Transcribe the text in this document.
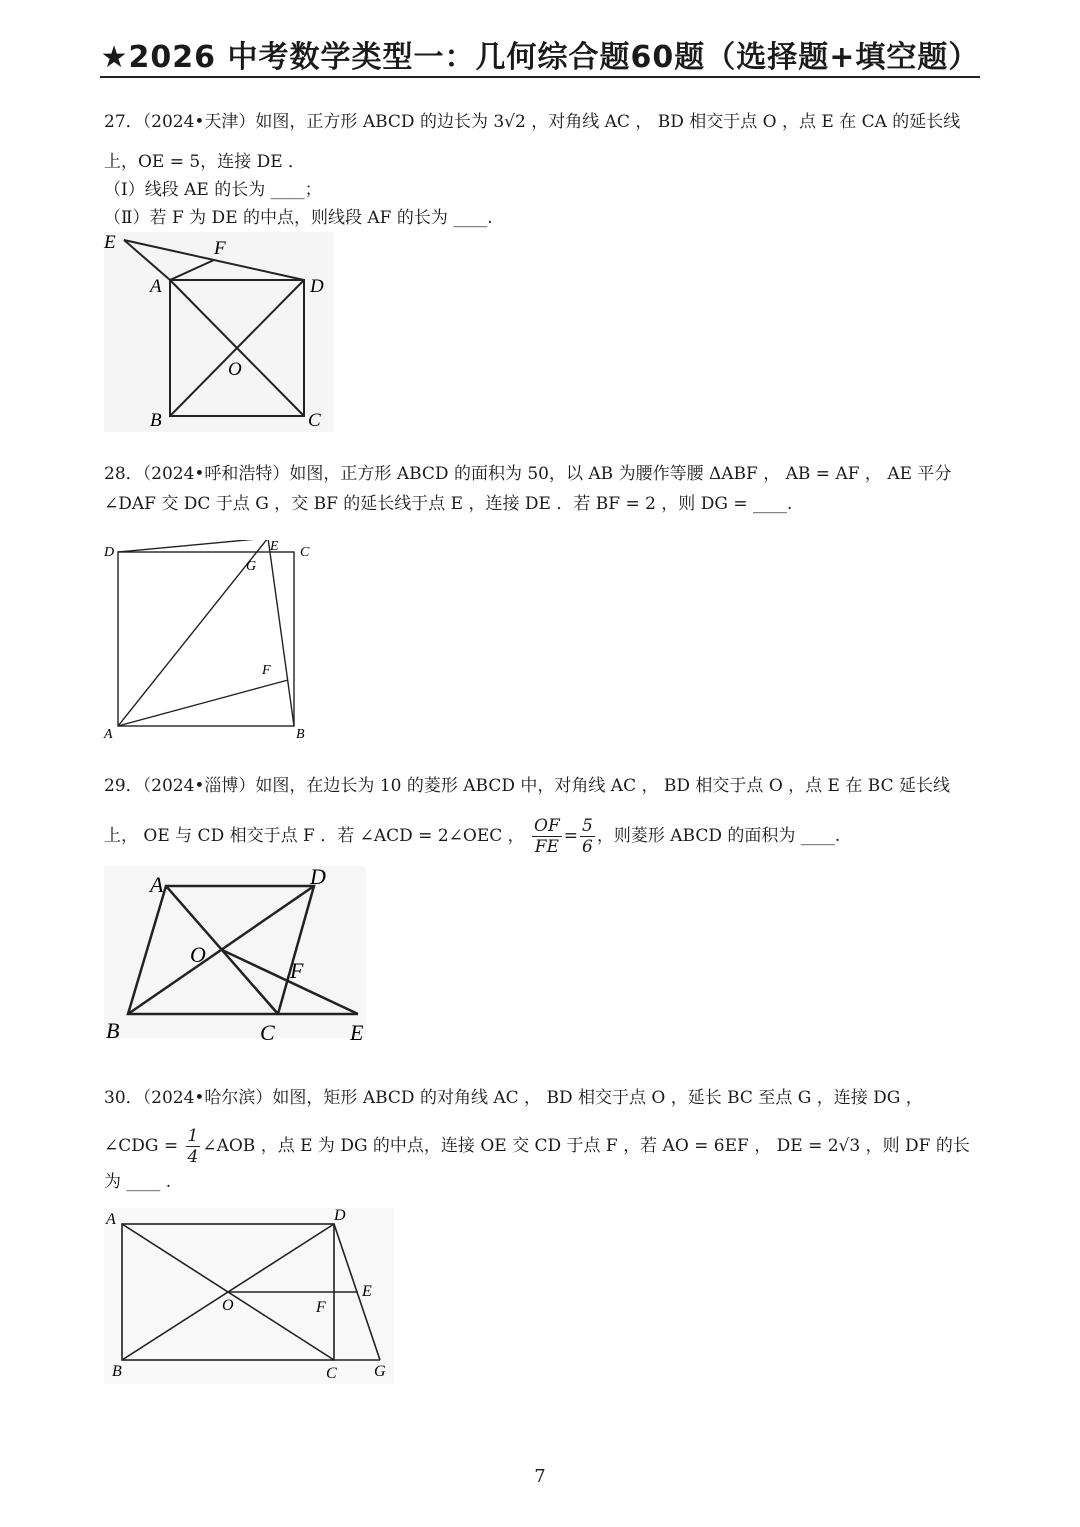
★2026 中考数学类型一：几何综合题60题（选择题+填空题）
27．（2024•天津）如图，正方形 ABCD 的边长为 3√2 ，对角线 AC ， BD 相交于点 O ，点 E 在 CA 的延长线
上，OE = 5，连接 DE ．
（Ⅰ）线段 AE 的长为 ____；
（Ⅱ）若 F 为 DE 的中点，则线段 AF 的长为 ____.
E	F
A	D
O
B	C
28．（2024•呼和浩特）如图，正方形 ABCD 的面积为 50，以 AB 为腰作等腰 ΔABF ， AB = AF ， AE 平分
∠DAF 交 DC 于点 G ，交 BF 的延长线于点 E ，连接 DE ．若 BF = 2 ，则 DG = ____.
D	E C
G
F
A	B
29．（2024•淄博）如图，在边长为 10 的菱形 ABCD 中，对角线 AC ， BD 相交于点 O ，点 E 在 BC 延长线
上， OE 与 CD 相交于点 F ．若 ∠ACD = 2∠OEC ， $\frac{OF}{FE} = \frac{5}{6}$ ，则菱形 ABCD 的面积为 ____.
A	D
O
F
B	C	E
30．（2024•哈尔滨）如图，矩形 ABCD 的对角线 AC ， BD 相交于点 O ，延长 BC 至点 G ，连接 DG ，
∠CDG = $\frac{1}{4}$ ∠AOB ，点 E 为 DG 的中点，连接 OE 交 CD 于点 F ，若 AO = 6EF ， DE = 2√3 ，则 DF 的长
为 ____ .
A	D
E
O	F
B	C G
7
